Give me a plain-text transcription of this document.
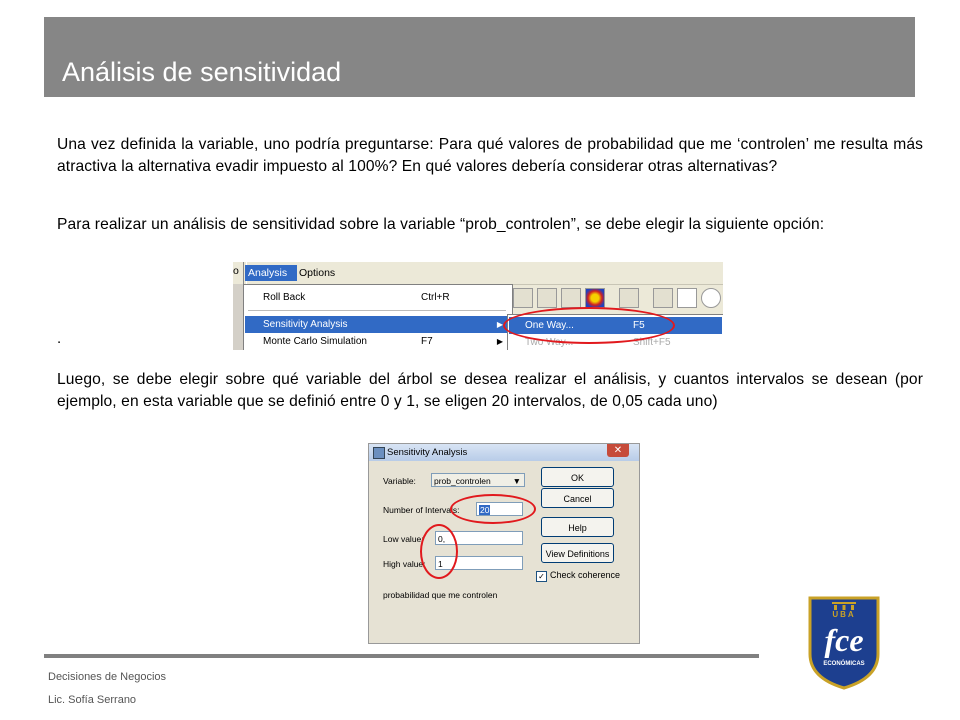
Análisis de sensitividad
Una vez definida la variable, uno podría preguntarse: Para qué valores de probabilidad que me ‘controlen’ me resulta más atractiva la alternativa evadir impuesto al 100%? En qué valores debería considerar otras alternativas?
Para realizar un análisis de sensitividad sobre la variable “prob_controlen”, se debe elegir la siguiente opción:
.
o Analysis	Options
Roll Back	Ctrl+R
Sensitivity Analysis	▶
Monte Carlo Simulation	F7	▶
One Way...	F5
Two Way...	Shift+F5
Luego, se debe elegir sobre qué variable del árbol se desea realizar el análisis, y cuantos intervalos se desean (por ejemplo, en esta variable que se definió entre 0 y 1, se eligen 20 intervalos, de 0,05 cada uno)
Sensitivity Analysis	✕
Variable:	prob_controlen	▼
Number of Intervals:	20
Low value:	0,
High value:	1
OK
Cancel
Help
View Definitions
✓ Check coherence
probabilidad que me controlen
Decisiones de Negocios
Lic. Sofía Serrano
UBA
fce
ECONÓMICAS
